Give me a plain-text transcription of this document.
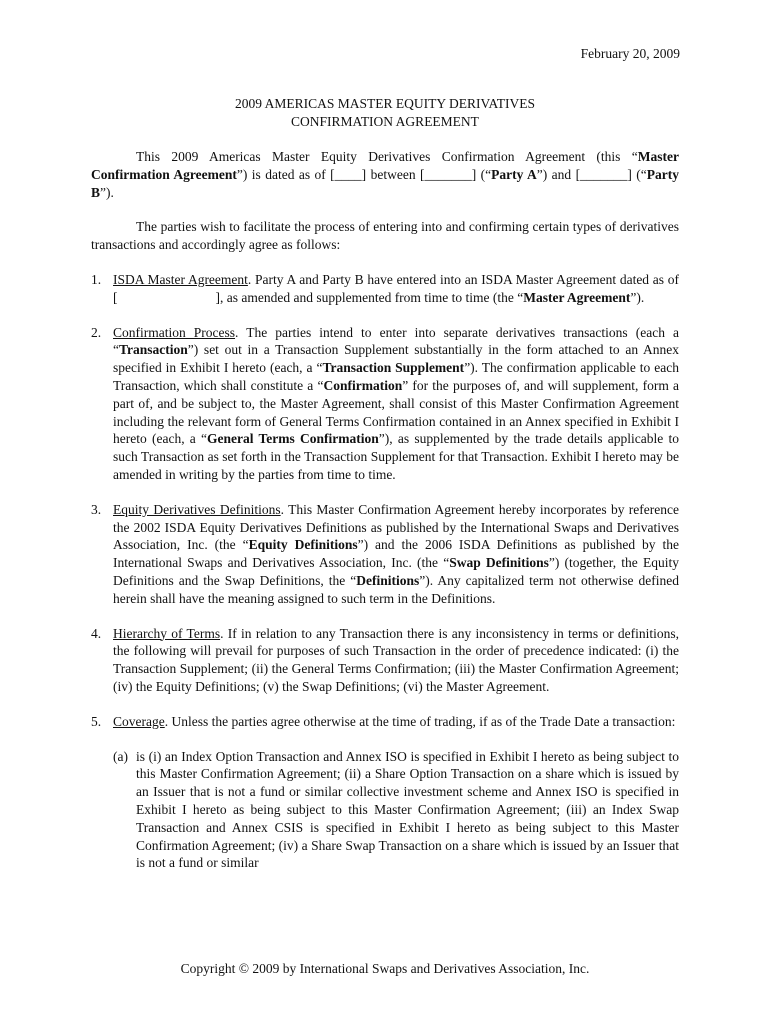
February 20, 2009
2009 AMERICAS MASTER EQUITY DERIVATIVES
CONFIRMATION AGREEMENT

This 2009 Americas Master Equity Derivatives Confirmation Agreement (this “Master Confirmation Agreement”) is dated as of [____] between [_______] (“Party A”) and [_______] (“Party B”).

The parties wish to facilitate the process of entering into and confirming certain types of derivatives transactions and accordingly agree as follows:

1. ISDA Master Agreement. Party A and Party B have entered into an ISDA Master Agreement dated as of [	], as amended and supplemented from time to time (the “Master Agreement”).
2. Confirmation Process. The parties intend to enter into separate derivatives transactions (each a “Transaction”) set out in a Transaction Supplement substantially in the form attached to an Annex specified in Exhibit I hereto (each, a “Transaction Supplement”). The confirmation applicable to each Transaction, which shall constitute a “Confirmation” for the purposes of, and will supplement, form a part of, and be subject to, the Master Agreement, shall consist of this Master Confirmation Agreement including the relevant form of General Terms Confirmation contained in an Annex specified in Exhibit I hereto (each, a “General Terms Confirmation”), as supplemented by the trade details applicable to such Transaction as set forth in the Transaction Supplement for that Transaction. Exhibit I hereto may be amended in writing by the parties from time to time.
3. Equity Derivatives Definitions. This Master Confirmation Agreement hereby incorporates by reference the 2002 ISDA Equity Derivatives Definitions as published by the International Swaps and Derivatives Association, Inc. (the “Equity Definitions”) and the 2006 ISDA Definitions as published by the International Swaps and Derivatives Association, Inc. (the “Swap Definitions”) (together, the Equity Definitions and the Swap Definitions, the “Definitions”). Any capitalized term not otherwise defined herein shall have the meaning assigned to such term in the Definitions.
4. Hierarchy of Terms. If in relation to any Transaction there is any inconsistency in terms or definitions, the following will prevail for purposes of such Transaction in the order of precedence indicated: (i) the Transaction Supplement; (ii) the General Terms Confirmation; (iii) the Master Confirmation Agreement; (iv) the Equity Definitions; (v) the Swap Definitions; (vi) the Master Agreement.
5. Coverage. Unless the parties agree otherwise at the time of trading, if as of the Trade Date a transaction:
(a) is (i) an Index Option Transaction and Annex ISO is specified in Exhibit I hereto as being subject to this Master Confirmation Agreement; (ii) a Share Option Transaction on a share which is issued by an Issuer that is not a fund or similar collective investment scheme and Annex ISO is specified in Exhibit I hereto as being subject to this Master Confirmation Agreement; (iii) an Index Swap Transaction and Annex CSIS is specified in Exhibit I hereto as being subject to this Master Confirmation Agreement; (iv) a Share Swap Transaction on a share which is issued by an Issuer that is not a fund or similar
Copyright © 2009 by International Swaps and Derivatives Association, Inc.
